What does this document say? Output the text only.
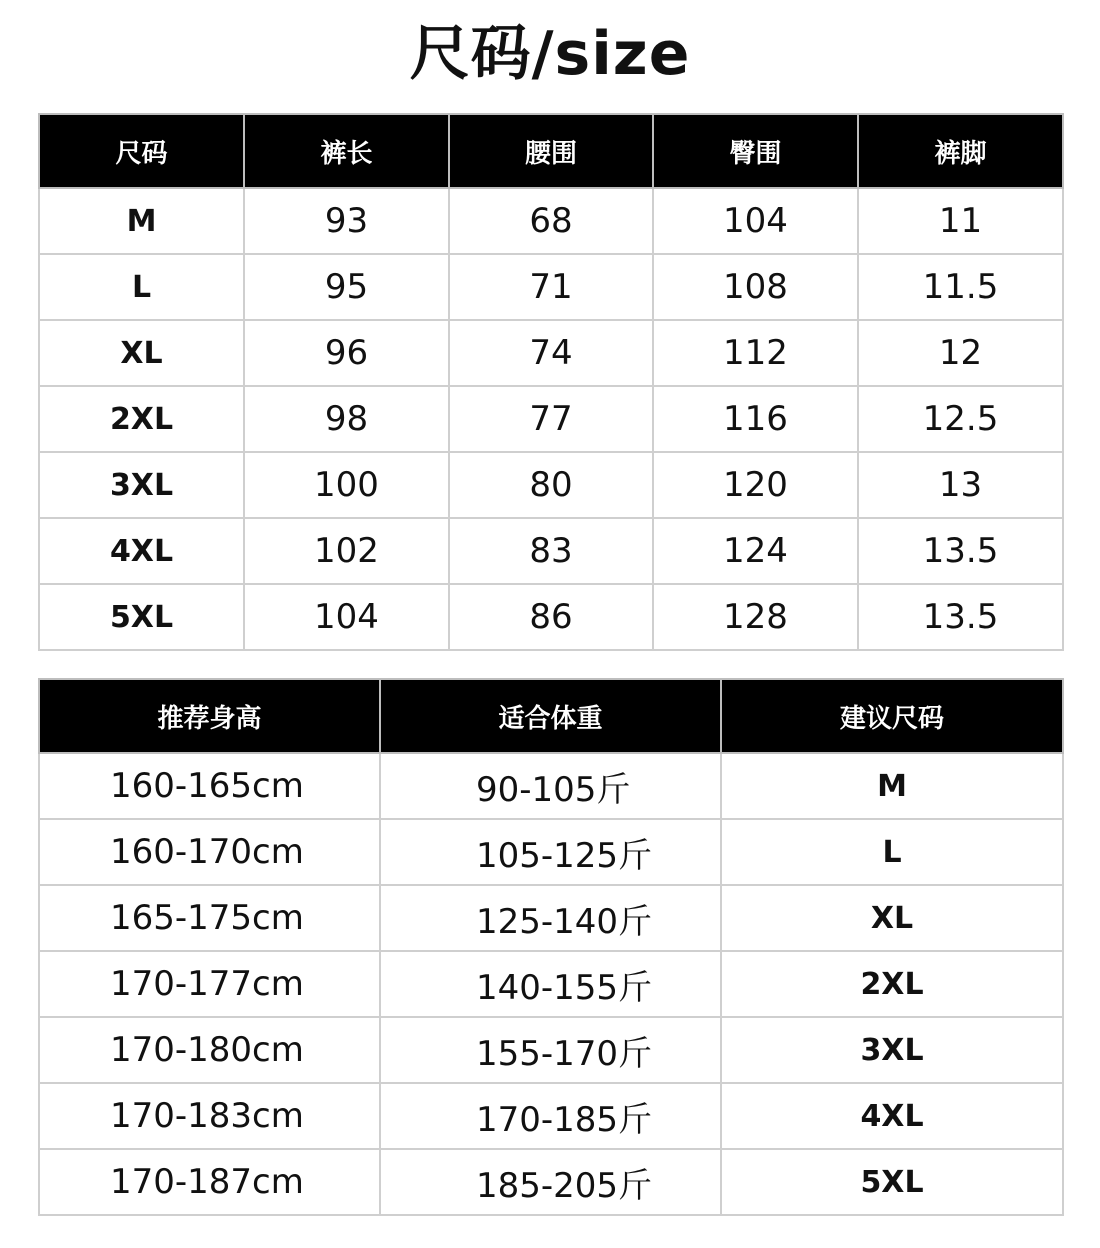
尺码/size
尺码	裤长	腰围	臀围	裤脚
M	93	68	104	11
L	95	71	108	11.5
XL	96	74	112	12
2XL	98	77	116	12.5
3XL	100	80	120	13
4XL	102	83	124	13.5
5XL	104	86	128	13.5
推荐身高	适合体重	建议尺码
160-165cm	90-105斤	M
160-170cm	105-125斤	L
165-175cm	125-140斤	XL
170-177cm	140-155斤	2XL
170-180cm	155-170斤	3XL
170-183cm	170-185斤	4XL
170-187cm	185-205斤	5XL
